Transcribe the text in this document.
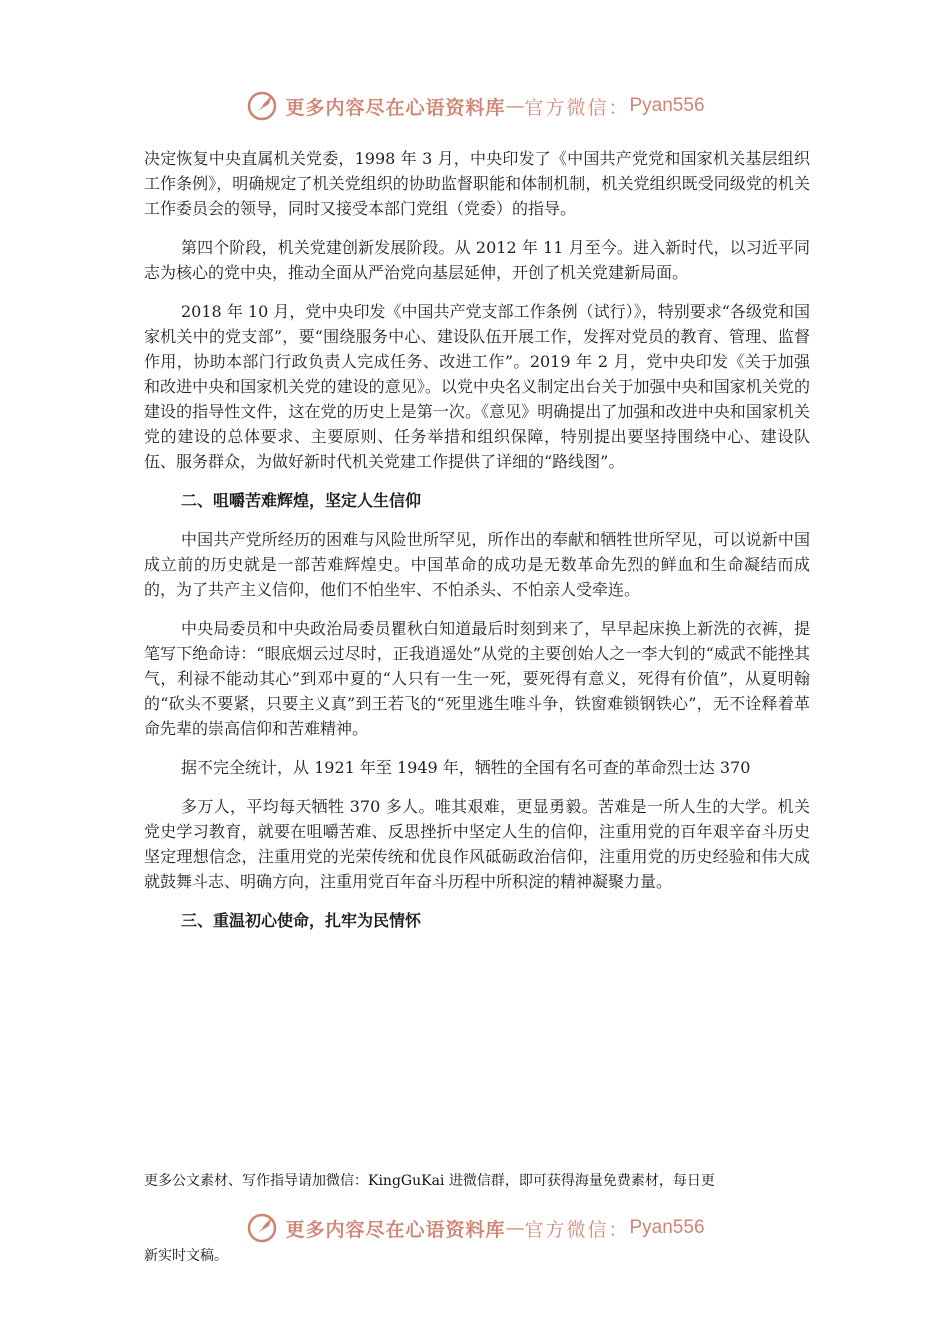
更多内容尽在心语资料库 — 官方微信： Pyan556

决定恢复中央直属机关党委，1998 年 3 月，中央印发了《中国共产党党和国家机关基层组织工作条例》，明确规定了机关党组织的协助监督职能和体制机制，机关党组织既受同级党的机关工作委员会的领导，同时又接受本部门党组（党委）的指导。

第四个阶段，机关党建创新发展阶段。从 2012 年 11 月至今。进入新时代，以习近平同志为核心的党中央，推动全面从严治党向基层延伸，开创了机关党建新局面。

2018 年 10 月，党中央印发《中国共产党支部工作条例（试行）》，特别要求“各级党和国家机关中的党支部”，要“围绕服务中心、建设队伍开展工作，发挥对党员的教育、管理、监督作用，协助本部门行政负责人完成任务、改进工作”。2019 年 2 月，党中央印发《关于加强和改进中央和国家机关党的建设的意见》。以党中央名义制定出台关于加强中央和国家机关党的建设的指导性文件，这在党的历史上是第一次。《意见》明确提出了加强和改进中央和国家机关党的建设的总体要求、主要原则、任务举措和组织保障，特别提出要坚持围绕中心、建设队伍、服务群众，为做好新时代机关党建工作提供了详细的“路线图”。

二、咀嚼苦难辉煌，坚定人生信仰

中国共产党所经历的困难与风险世所罕见，所作出的奉献和牺牲世所罕见，可以说新中国成立前的历史就是一部苦难辉煌史。中国革命的成功是无数革命先烈的鲜血和生命凝结而成的，为了共产主义信仰，他们不怕坐牢、不怕杀头、不怕亲人受牵连。

中央局委员和中央政治局委员瞿秋白知道最后时刻到来了，早早起床换上新洗的衣裤，提笔写下绝命诗：“眼底烟云过尽时，正我逍遥处”从党的主要创始人之一李大钊的“威武不能挫其气，利禄不能动其心”到邓中夏的“人只有一生一死，要死得有意义，死得有价值”，从夏明翰的“砍头不要紧，只要主义真”到王若飞的“死里逃生唯斗争，铁窗难锁钢铁心”，无不诠释着革命先辈的崇高信仰和苦难精神。

据不完全统计，从 1921 年至 1949 年，牺牲的全国有名可查的革命烈士达 370

多万人，平均每天牺牲 370 多人。唯其艰难，更显勇毅。苦难是一所人生的大学。机关党史学习教育，就要在咀嚼苦难、反思挫折中坚定人生的信仰，注重用党的百年艰辛奋斗历史坚定理想信念，注重用党的光荣传统和优良作风砥砺政治信仰，注重用党的历史经验和伟大成就鼓舞斗志、明确方向，注重用党百年奋斗历程中所积淀的精神凝聚力量。

三、重温初心使命，扎牢为民情怀
更多公文素材、写作指导请加微信：KingGuKai 进微信群，即可获得海量免费素材，每日更
更多内容尽在心语资料库 — 官方微信： Pyan556
新实时文稿。
